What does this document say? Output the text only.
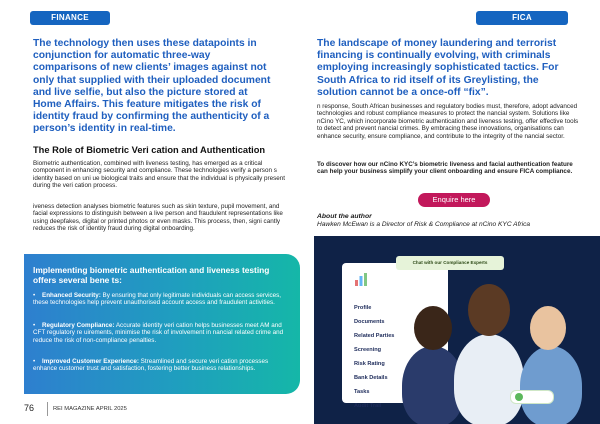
FINANCE	FICA

The technology then uses these datapoints in conjunction for automatic three-way comparisons of new clients’ images against not only that supplied with their uploaded document and live selfie, but also the picture stored at Home Affairs. This feature mitigates the risk of identity fraud by confirming the authenticity of a person’s identity in real-time.

The Role of Biometric Veri cation and Authentication

Biometric authentication, combined with liveness testing, has emerged as a critical component in enhancing security and compliance. These technologies verify a person s identity based on uni ue biological traits and ensure that the individual is physically present during the veri cation process.

iveness detection analyses biometric features such as skin texture, pupil movement, and facial expressions to distinguish between a live person and fraudulent representations like using deepfakes, digital or printed photos or even masks. This process, then, signi cantly reduces the risk of identity fraud during digital onboarding.

The landscape of money laundering and terrorist financing is continually evolving, with criminals employing increasingly sophisticated tactics. For South Africa to rid itself of its Greylisting, the solution cannot be a once-off “fix”.

n response, South African businesses and regulatory bodies must, therefore, adopt advanced technologies and robust compliance measures to protect the nancial system. Solutions like nCino YC, which incorporate biometric authentication and liveness testing, offer effective tools to detect and prevent nancial crimes. By embracing these innovations, organisations can enhance security, ensure compliance, and contribute to the integrity of the nancial sector.

To discover how our nCino KYC’s biometric liveness and facial authentication feature can help your business simplify your client onboarding and ensure FICA compliance.

Enquire here

About the author

Hawken McEwan is a Director of Risk & Compliance at nCino KYC Africa

Implementing biometric authentication and liveness testing offers several bene ts:

• Enhanced Security: By ensuring that only legitimate individuals can access services, these technologies help prevent unauthorised account access and fraudulent activities.

• Regulatory Compliance: Accurate identity veri cation helps businesses meet AM and CFT regulatory re uirements, minimise the risk of involvement in nancial related crime and reduce the risk of non-compliance penalties.

• Improved Customer Experience: Streamlined and secure veri cation processes enhance customer trust and satisfaction, fostering better business relationships.

Profile
Documents
Related Parties
Screening
Risk Rating
Bank Details
Tasks
Audit Trail
Chat with our Compliance Experts

76	REI MAGAZINE APRIL 2025
